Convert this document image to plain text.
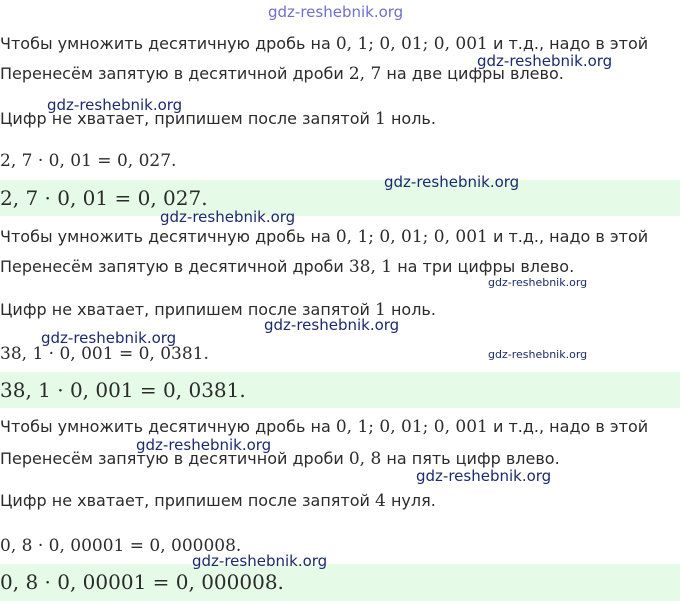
Чтобы умножить десятичную дробь на 0, 1; 0, 01; 0, 001 и т.д., надо в этой
Перенесём запятую в десятичной дроби 2, 7 на две цифры влево.
Цифр не хватает, припишем после запятой 1 ноль.
2, 7 · 0, 01 = 0, 027.
2, 7 · 0, 01 = 0, 027.
Чтобы умножить десятичную дробь на 0, 1; 0, 01; 0, 001 и т.д., надо в этой
Перенесём запятую в десятичной дроби 38, 1 на три цифры влево.
Цифр не хватает, припишем после запятой 1 ноль.
38, 1 · 0, 001 = 0, 0381.
38, 1 · 0, 001 = 0, 0381.
Чтобы умножить десятичную дробь на 0, 1; 0, 01; 0, 001 и т.д., надо в этой
Перенесём запятую в десятичной дроби 0, 8 на пять цифр влево.
Цифр не хватает, припишем после запятой 4 нуля.
0, 8 · 0, 00001 = 0, 000008.
0, 8 · 0, 00001 = 0, 000008.
gdz-reshebnik.org
gdz-reshebnik.org
gdz-reshebnik.org
gdz-reshebnik.org
gdz-reshebnik.org
gdz-reshebnik.org
gdz-reshebnik.org
gdz-reshebnik.org
gdz-reshebnik.org
gdz-reshebnik.org
gdz-reshebnik.org
gdz-reshebnik.org
